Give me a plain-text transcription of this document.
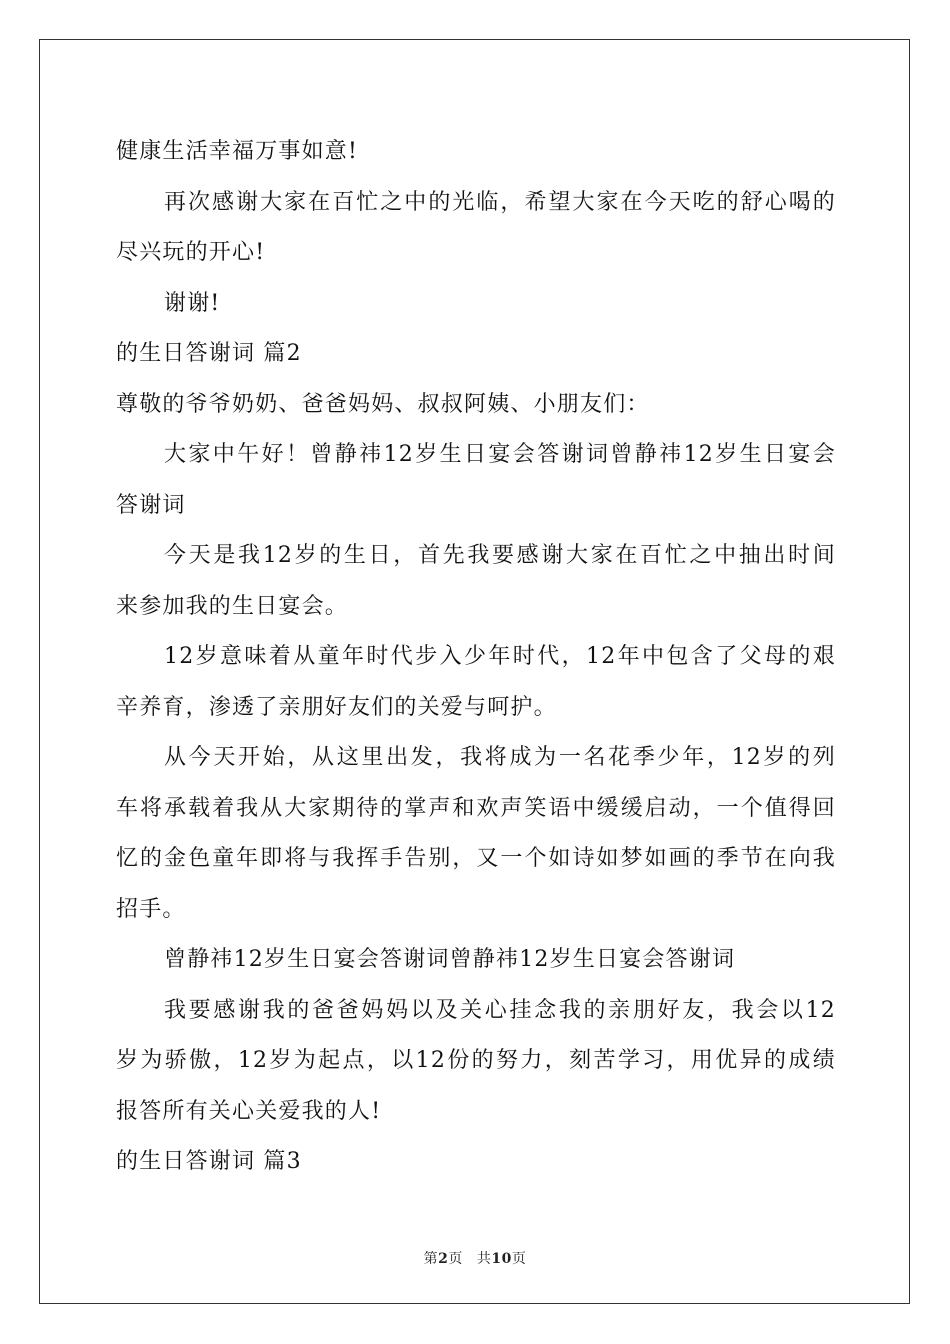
健康生活幸福万事如意!
再次感谢大家在百忙之中的光临，希望大家在今天吃的舒心喝的
尽兴玩的开心!
谢谢!
的生日答谢词 篇2
尊敬的爷爷奶奶、爸爸妈妈、叔叔阿姨、小朋友们：
大家中午好！曾静祎12岁生日宴会答谢词曾静祎12岁生日宴会
答谢词
今天是我12岁的生日，首先我要感谢大家在百忙之中抽出时间
来参加我的生日宴会。
12岁意味着从童年时代步入少年时代，12年中包含了父母的艰
辛养育，渗透了亲朋好友们的关爱与呵护。
从今天开始，从这里出发，我将成为一名花季少年，12岁的列
车将承载着我从大家期待的掌声和欢声笑语中缓缓启动，一个值得回
忆的金色童年即将与我挥手告别，又一个如诗如梦如画的季节在向我
招手。
曾静祎12岁生日宴会答谢词曾静祎12岁生日宴会答谢词
我要感谢我的爸爸妈妈以及关心挂念我的亲朋好友，我会以12
岁为骄傲，12岁为起点，以12份的努力，刻苦学习，用优异的成绩
报答所有关心关爱我的人!
的生日答谢词 篇3
第2页 共10页
